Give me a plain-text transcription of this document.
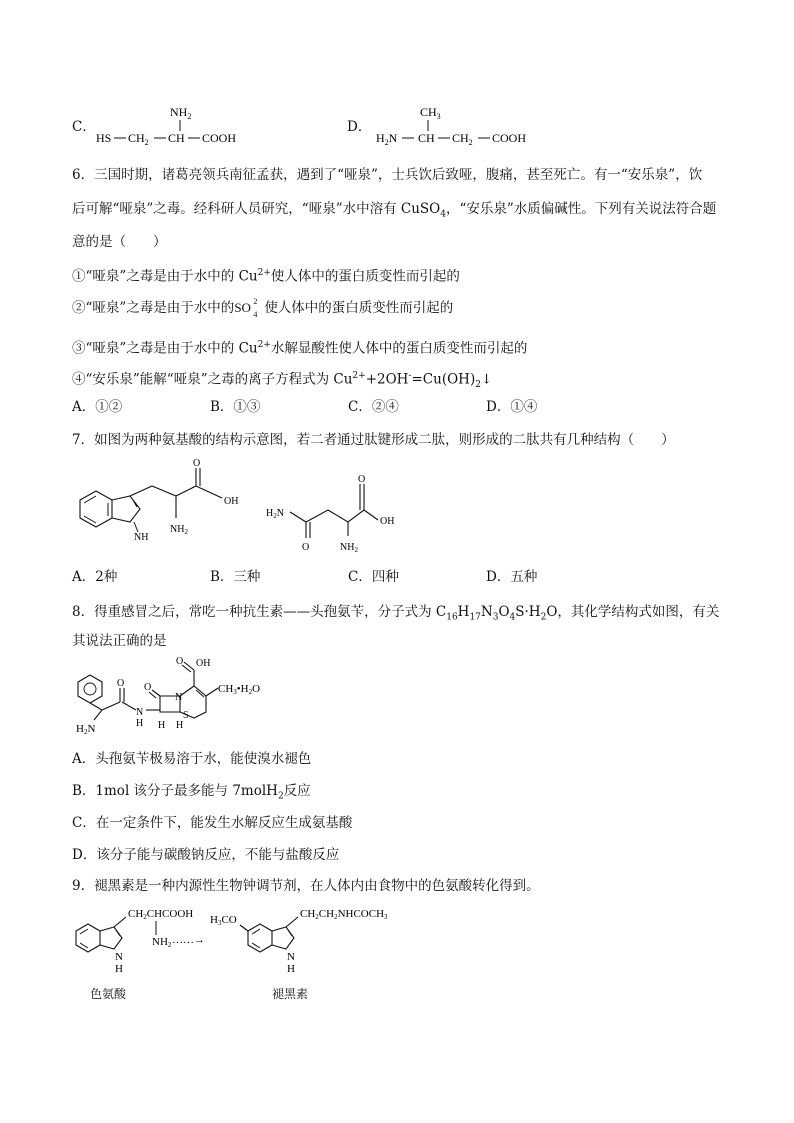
C．
$NH_2$
HS $CH_2$ CH COOH
D．
$CH_3$
$H_2N$ CH $CH_2$ COOH
6．三国时期，诸葛亮领兵南征孟获，遇到了“哑泉”，士兵饮后致哑，腹痛，甚至死亡。有一“安乐泉”，饮
后可解“哑泉”之毒。经科研人员研究，“哑泉”水中溶有 CuSO$_4$，“安乐泉”水质偏碱性。下列有关说法符合题
意的是（　　）
①“哑泉”之毒是由于水中的 $Cu^{2+}$使人体中的蛋白质变性而引起的
②“哑泉”之毒是由于水中的SO 2
4 使人体中的蛋白质变性而引起的
③“哑泉”之毒是由于水中的 $Cu^{2+}$水解显酸性使人体中的蛋白质变性而引起的
④“安乐泉”能解“哑泉”之毒的离子方程式为 $Cu^{2+}+2OH^-=Cu(OH)_2↓$
A．①②	B．①③	C．②④	D．①④
7．如图为两种氨基酸的结构示意图，若二者通过肽键形成二肽，则形成的二肽共有几种结构（　　）
NH
O
OH
$NH_2$
$H_2N$
O
O
OH
$NH_2$
A．2种	B．三种	C．四种	D．五种
8．得重感冒之后，常吃一种抗生素——头孢氨苄，分子式为 $C_{16}H_{17}N_3O_4S\cdot H_2O$，其化学结构式如图，有关
其说法正确的是
H2N
O
N
H
O
N
H H
S
O OH
CH3•H2O
A．头孢氨苄极易溶于水，能使溴水褪色
B．1mol 该分子最多能与 7molH$_2$反应
C．在一定条件下，能发生水解反应生成氨基酸
D．该分子能与碳酸钠反应，不能与盐酸反应
9．褪黑素是一种内源性生物钟调节剂，在人体内由食物中的色氨酸转化得到。
N
H
CH2CHCOOH
NH2 ……→
H3CO
N
H
CH2CH2NHCOCH3
色氨酸	褪黑素
